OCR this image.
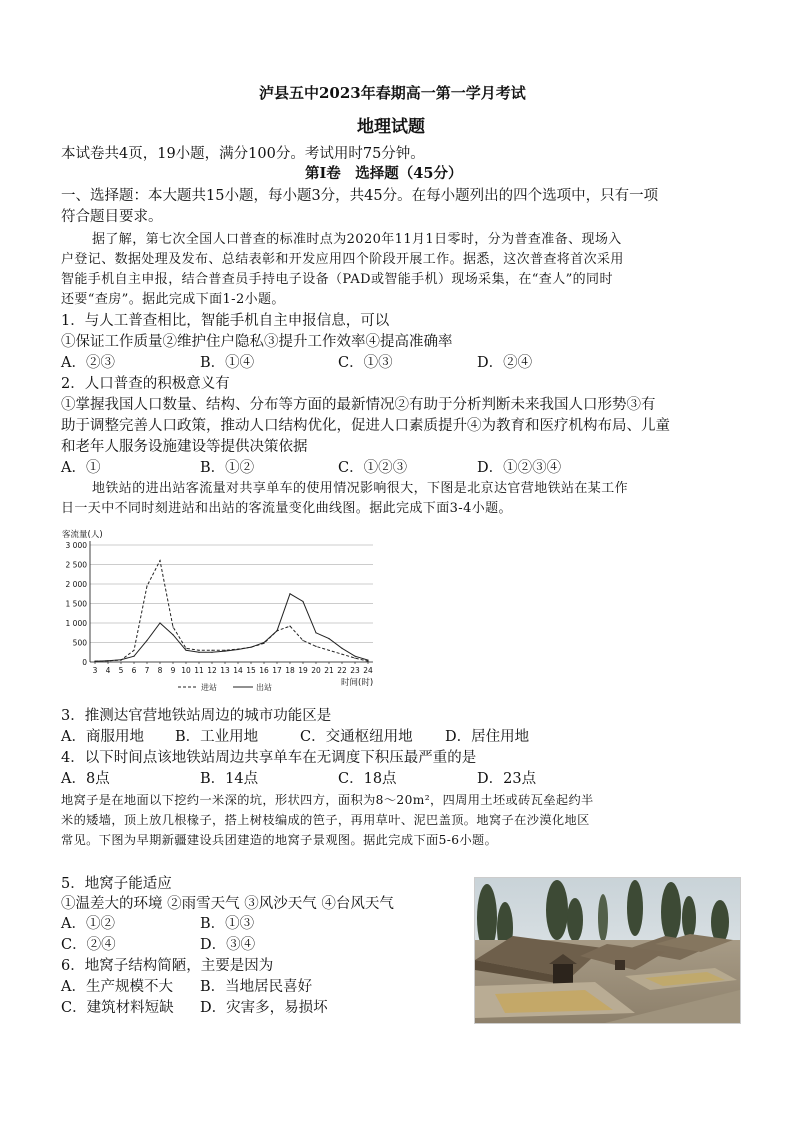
泸县五中2023年春期高一第一学月考试
地理试题
本试卷共4页，19小题，满分100分。考试用时75分钟。
第Ⅰ卷　选择题（45分）
一、选择题：本大题共15小题，每小题3分，共45分。在每小题列出的四个选项中，只有一项
符合题目要求。
据了解，第七次全国人口普查的标准时点为2020年11月1日零时，分为普查准备、现场入
户登记、数据处理及发布、总结表彰和开发应用四个阶段开展工作。据悉，这次普查将首次采用
智能手机自主申报，结合普查员手持电子设备（PAD或智能手机）现场采集，在“查人”的同时
还要“查房”。据此完成下面1-2小题。
1．与人工普查相比，智能手机自主申报信息，可以
①保证工作质量②维护住户隐私③提升工作效率④提高准确率
A．②③	B．①④	C．①③	D．②④
2．人口普查的积极意义有
①掌握我国人口数量、结构、分布等方面的最新情况②有助于分析判断未来我国人口形势③有
助于调整完善人口政策，推动人口结构优化，促进人口素质提升④为教育和医疗机构布局、儿童
和老年人服务设施建设等提供决策依据
A．①	B．①②	C．①②③	D．①②③④
地铁站的进出站客流量对共享单车的使用情况影响很大，下图是北京达官营地铁站在某工作
日一天中不同时刻进站和出站的客流量变化曲线图。据此完成下面3-4小题。
0
500
1 000
1 500
2 000
2 500
3 000
3 4 5 6 7 8 9 10 11 12 13 14 15 16 17 18 19 20 21 22 23 24
客流量(人)
时间(时)
进站	出站
3．推测达官营地铁站周边的城市功能区是
A．商服用地 B．工业用地	C．交通枢纽用地 D．居住用地
4．以下时间点该地铁站周边共享单车在无调度下积压最严重的是
A．8点	B．14点	C．18点	D．23点
地窝子是在地面以下挖约一米深的坑，形状四方，面积为8～20m²，四周用土坯或砖瓦垒起约半
米的矮墙，顶上放几根椽子，搭上树枝编成的笆子，再用草叶、泥巴盖顶。地窝子在沙漠化地区
常见。下图为早期新疆建设兵团建造的地窝子景观图。据此完成下面5-6小题。
5．地窝子能适应
①温差大的环境 ②雨雪天气 ③风沙天气 ④台风天气
A．①②	B．①③
C．②④	D．③④
6．地窝子结构简陋，主要是因为
A．生产规模不大 B．当地居民喜好
C．建筑材料短缺 D．灾害多，易损坏
